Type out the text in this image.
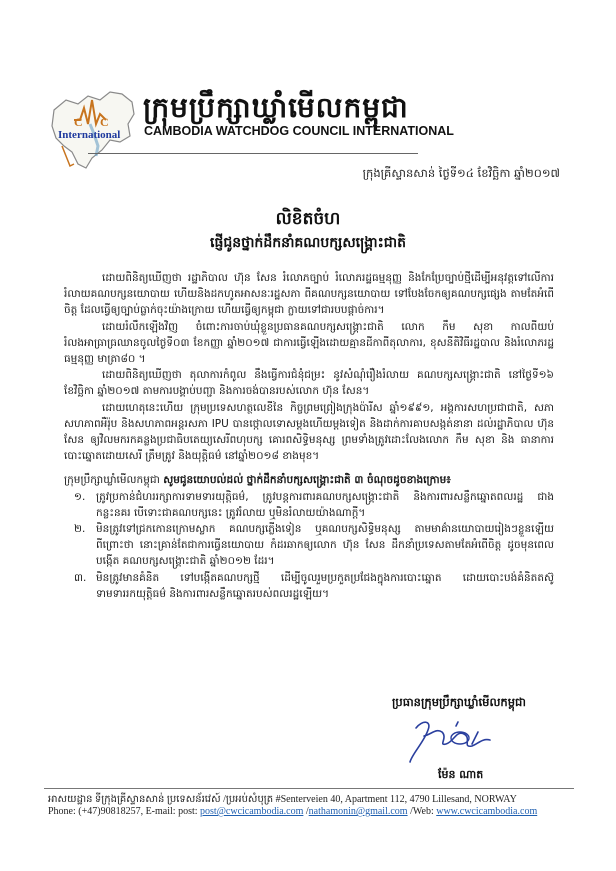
C C
International
ក្រុមប្រឹក្សាឃ្លាំមើលកម្ពុជា
CAMBODIA WATCHDOG COUNCIL INTERNATIONAL
ក្រុងគ្រីស្ទានសាន់ ថ្ងៃទី១៤ ខែវិច្ឆិកា ឆ្នាំ២០១៧
លិខិតចំហ
ផ្ញើជូនថ្នាក់ដឹកនាំគណបក្សសង្គ្រោះជាតិ

ដោយពិនិត្យឃើញថា រដ្ឋាភិបាល ហ៊ុន សែន រំលោភច្បាប់ រំលោភរដ្ឋធម្មនុញ្ញ និងកែប្រែច្បាប់ថ្មីដើម្បីអនុវត្តទៅលើការរំលាយគណបក្សនយោបាយ ហើយនិងដកហូតអាសនៈរដ្ឋសភា ពីគណបក្សនយោបាយ ទៅបែងចែកឲ្យគណបក្សផ្សេង តាមតែអំពើចិត្ត ដែលធ្វើឲ្យច្បាប់ធ្លាក់ចុះយ៉ាងក្រោយ ហើយធ្វើឲ្យកម្ពុជា ក្លាយទៅជារបបផ្តាច់ការ។

ដោយរំលឹកឡើងវិញ ចំពោះការចាប់ឃុំខ្លួនប្រធានគណបក្សសង្គ្រោះជាតិ លោក កឹម សុខា កាលពីយប់រំលងអាធ្រាធ្រឈានចូលថ្ងៃទី០៣ ខែកញ្ញា ឆ្នាំ២០១៧ ជាការធ្វើឡើងដោយគ្មានដីកាពីតុលាការ, ខុសនីតិវិធីរដ្ឋបាល និងរំលោភរដ្ឋធម្មនុញ្ញ មាត្រា៨០ ។

ដោយពិនិត្យឃើញថា តុលាការកំពូល នឹងធ្វើការជំនុំជម្រះ នូវសំណុំរឿងរំលាយ គណបក្សសង្គ្រោះជាតិ នៅថ្ងៃទី១៦ ខែវិច្ឆិកា ឆ្នាំ២០១៧ តាមការបង្គាប់បញ្ជា និងការចង់បានរបស់លោក ហ៊ុន សែន។

ដោយហេតុនេះហើយ ក្រុមប្រទេសហត្ថលេខីនៃ កិច្ចព្រមព្រៀងក្រុងប៉ារីស ឆ្នាំ១៩៩១, អង្គការសហប្រជាជាតិ, សភាសហភាពអឺរ៉ុប និងសហភាពអន្តរសភា IPU បានថ្កោលទោសម្តងហើយម្តងទៀត និងដាក់ការគាបសង្កត់នានា ដល់រដ្ឋាភិបាល ហ៊ុន សែន ឲ្យវិលមករកគន្លងប្រជាធិបតេយ្យសេរីពហុបក្ស គោរពសិទ្ធិមនុស្ស ព្រមទាំងត្រូវដោះលែងលោក កឹម សុខា និង ធានាការបោះឆ្នោតដោយសេរី ត្រឹមត្រូវ និងយុត្តិធម៌ នៅឆ្នាំ២០១៨ ខាងមុខ។

ក្រុមប្រឹក្សាឃ្លាំមើលកម្ពុជា សូមជូនយោបល់ដល់ ថ្នាក់ដឹកនាំបក្សសង្គ្រោះជាតិ ៣ ចំណុចដូចខាងក្រោម៖

១. ត្រូវប្រកាន់ជំហររក្សាការទាមទារយុត្តិធម៌, ត្រូវបន្តការពារគណបក្សសង្គ្រោះជាតិ និងការពារសន្លឹកឆ្នោតពលរដ្ឋ ជាងកន្លះនគរ បើទោះជាគណបក្សនេះ ត្រូវរំលាយ ឬមិនរំលាយយ៉ាងណាក្តី។
២. មិនត្រូវទៅជ្រកកោនក្រោមស្លាក គណបក្សភ្លើងទៀន ឬគណបក្សសិទ្ធិមនុស្ស តាមមាគ៌ានយោបាយរៀងៗខ្លួនឡើយ ពីព្រោះថា នោះគ្រាន់តែជាការធ្វើនយោបាយ កំដរឆាកឲ្យលោក ហ៊ុន សែន ដឹកនាំប្រទេសតាមតែអំពើចិត្ត ដូចមុនពេលបង្កើត គណបក្សសង្គ្រោះជាតិ ឆ្នាំ២០១២ ដែរ។
៣. មិនត្រូវមានគំនិត ទៅបង្កើតគណបក្សថ្មី ដើម្បីចូលរួមប្រកួតប្រជែងក្នុងការបោះឆ្នោត ដោយបោះបង់គំនិតតស៊ូទាមទាររកយុត្តិធម៌ និងការពារសន្លឹកឆ្នោតរបស់ពលរដ្ឋឡើយ។
ប្រធានក្រុមប្រឹក្សាឃ្លាំមើលកម្ពុជា
ម៉ែន ណាត
អាសយដ្ឋាន ទីក្រុងគ្រីស្ទានសាន់ ប្រទេសន័រវេស៍ /ប្រអប់សំបុត្រ #Senterveien 40, Apartment 112, 4790 Lillesand, NORWAY
Phone: (+47)90818257, E-mail: post: post@cwcicambodia.com /nathamonin@gmail.com /Web: www.cwcicambodia.com
